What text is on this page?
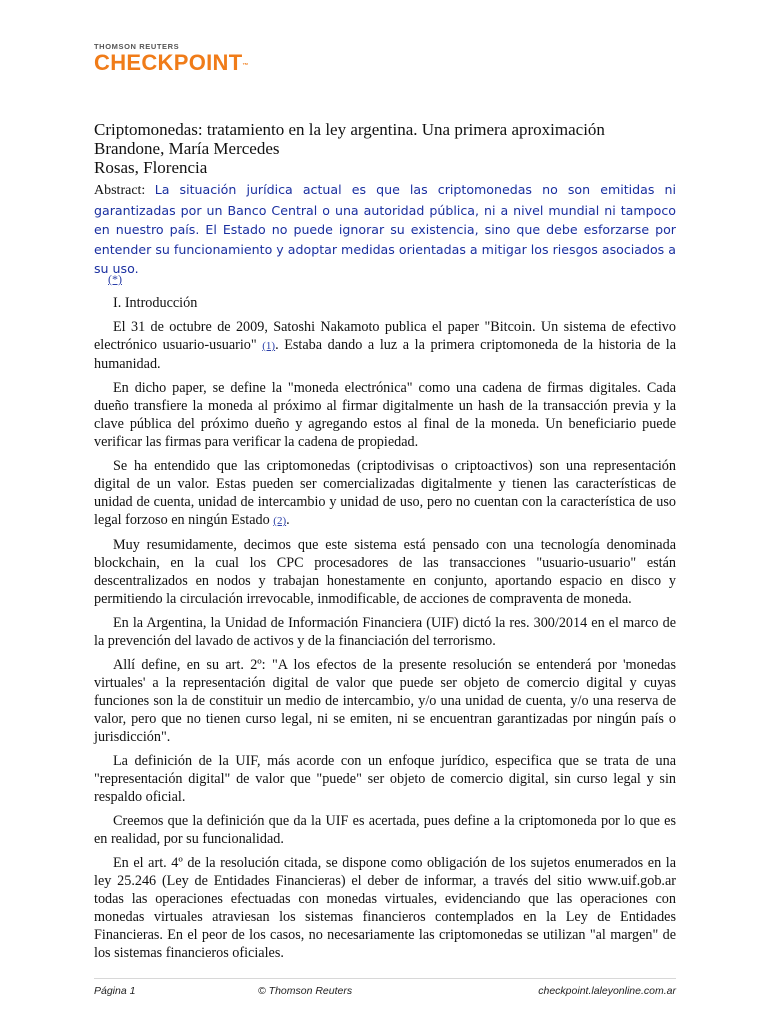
THOMSON REUTERS
CHECKPOINT™
Criptomonedas: tratamiento en la ley argentina. Una primera aproximación
Brandone, María Mercedes
Rosas, Florencia
Abstract: La situación jurídica actual es que las criptomonedas no son emitidas ni garantizadas por un Banco Central o una autoridad pública, ni a nivel mundial ni tampoco en nuestro país. El Estado no puede ignorar su existencia, sino que debe esforzarse por entender su funcionamiento y adoptar medidas orientadas a mitigar los riesgos asociados a su uso.
(*)

I. Introducción

El 31 de octubre de 2009, Satoshi Nakamoto publica el paper "Bitcoin. Un sistema de efectivo electrónico usuario-usuario" (1). Estaba dando a luz a la primera criptomoneda de la historia de la humanidad.

En dicho paper, se define la "moneda electrónica" como una cadena de firmas digitales. Cada dueño transfiere la moneda al próximo al firmar digitalmente un hash de la transacción previa y la clave pública del próximo dueño y agregando estos al final de la moneda. Un beneficiario puede verificar las firmas para verificar la cadena de propiedad.

Se ha entendido que las criptomonedas (criptodivisas o criptoactivos) son una representación digital de un valor. Estas pueden ser comercializadas digitalmente y tienen las características de unidad de cuenta, unidad de intercambio y unidad de uso, pero no cuentan con la característica de uso legal forzoso en ningún Estado (2).

Muy resumidamente, decimos que este sistema está pensado con una tecnología denominada blockchain, en la cual los CPC procesadores de las transacciones "usuario-usuario" están descentralizados en nodos y trabajan honestamente en conjunto, aportando espacio en disco y permitiendo la circulación irrevocable, inmodificable, de acciones de compraventa de moneda.

En la Argentina, la Unidad de Información Financiera (UIF) dictó la res. 300/2014 en el marco de la prevención del lavado de activos y de la financiación del terrorismo.

Allí define, en su art. 2º: "A los efectos de la presente resolución se entenderá por 'monedas virtuales' a la representación digital de valor que puede ser objeto de comercio digital y cuyas funciones son la de constituir un medio de intercambio, y/o una unidad de cuenta, y/o una reserva de valor, pero que no tienen curso legal, ni se emiten, ni se encuentran garantizadas por ningún país o jurisdicción".

La definición de la UIF, más acorde con un enfoque jurídico, especifica que se trata de una "representación digital" de valor que "puede" ser objeto de comercio digital, sin curso legal y sin respaldo oficial.

Creemos que la definición que da la UIF es acertada, pues define a la criptomoneda por lo que es en realidad, por su funcionalidad.

En el art. 4º de la resolución citada, se dispone como obligación de los sujetos enumerados en la ley 25.246 (Ley de Entidades Financieras) el deber de informar, a través del sitio www.uif.gob.ar todas las operaciones efectuadas con monedas virtuales, evidenciando que las operaciones con monedas virtuales atraviesan los sistemas financieros contemplados en la Ley de Entidades Financieras. En el peor de los casos, no necesariamente las criptomonedas se utilizan "al margen" de los sistemas financieros oficiales.

Página 1	© Thomson Reuters	checkpoint.laleyonline.com.ar
